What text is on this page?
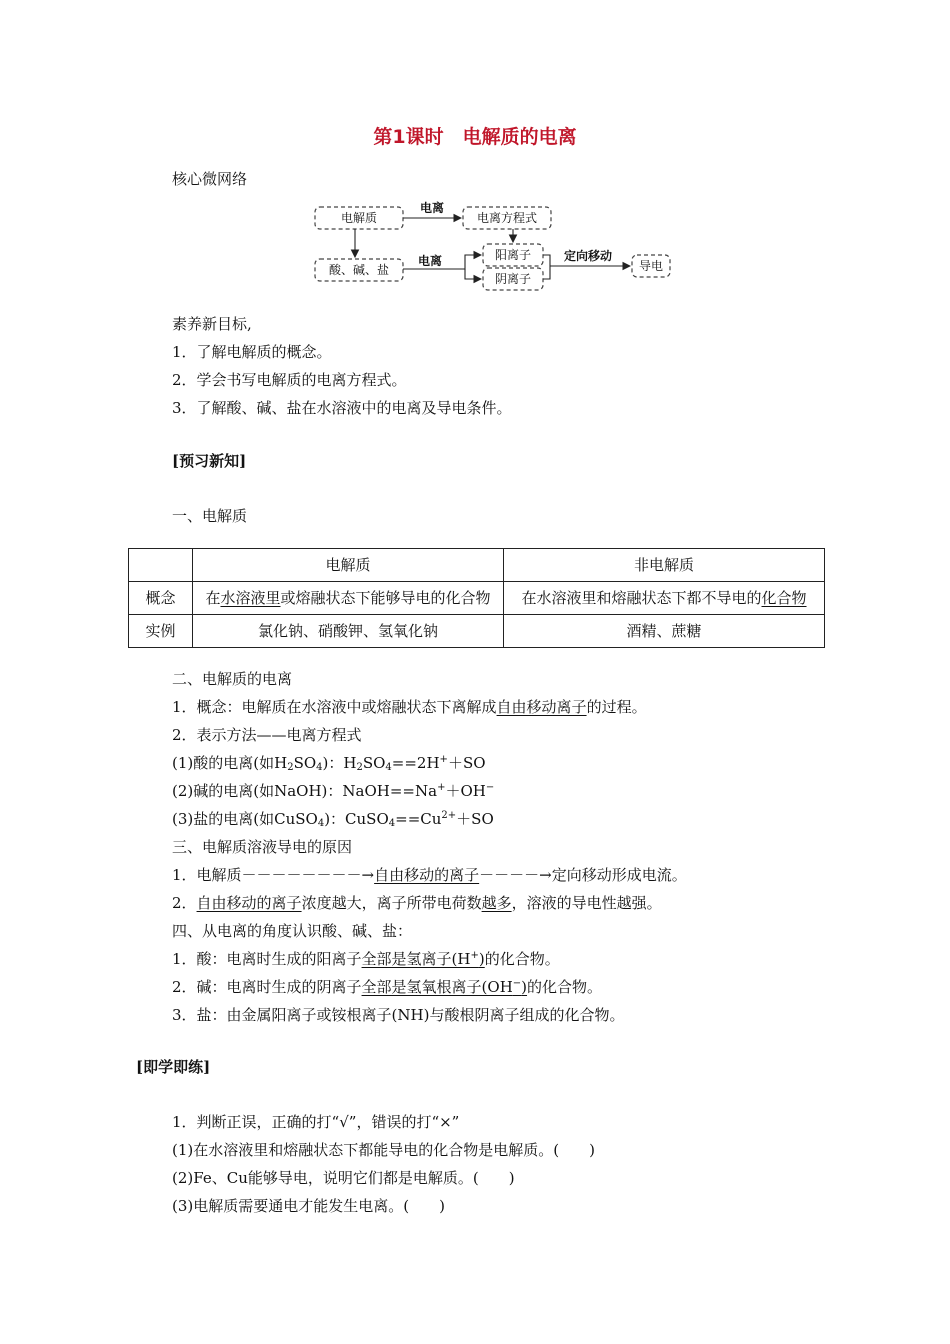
第1课时　电解质的电离
核心微网络
电解质	电离方程式
酸、碱、盐
阳离子
阴离子
导电
电离
电离	定向移动
素养新目标,
1．了解电解质的概念。
2．学会书写电解质的电离方程式。
3．了解酸、碱、盐在水溶液中的电离及导电条件。
[预习新知]
一、电解质
	电解质	非电解质
概念	在水溶液里或熔融状态下能够导电的化合物	在水溶液里和熔融状态下都不导电的化合物
实例	氯化钠、硝酸钾、氢氧化钠	酒精、蔗糖
二、电解质的电离
1．概念：电解质在水溶液中或熔融状态下离解成自由移动离子的过程。
2．表示方法——电离方程式
(1)酸的电离(如$H_2SO_4$)：$H_2SO_4==2H^++SO$
(2)碱的电离(如NaOH)：NaOH==Na+＋OH−
(3)盐的电离(如CuSO$_4$)：$CuSO_4==Cu^{2+}+SO$
三、电解质溶液导电的原因
1．电解质－－－－－－－－→自由移动的离子－－－－→定向移动形成电流。
2．自由移动的离子浓度越大，离子所带电荷数越多，溶液的导电性越强。
四、从电离的角度认识酸、碱、盐：
1．酸：电离时生成的阳离子全部是氢离子(H+)的化合物。
2．碱：电离时生成的阴离子全部是氢氧根离子(OH−)的化合物。
3．盐：由金属阳离子或铵根离子(NH)与酸根阴离子组成的化合物。
[即学即练]
1．判断正误，正确的打“√”，错误的打“×”
(1)在水溶液里和熔融状态下都能导电的化合物是电解质。(　　)
(2)Fe、Cu能够导电，说明它们都是电解质。(　　)
(3)电解质需要通电才能发生电离。(　　)
